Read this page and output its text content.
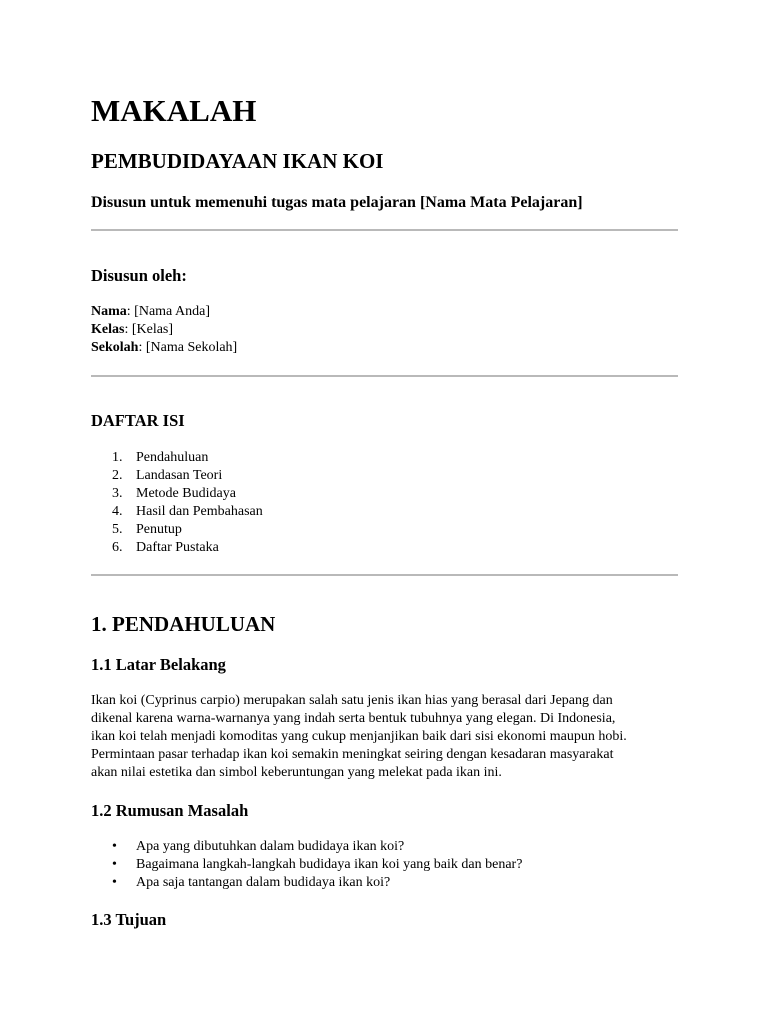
MAKALAH
PEMBUDIDAYAAN IKAN KOI

Disusun untuk memenuhi tugas mata pelajaran [Nama Mata Pelajaran]

Disusun oleh:

Nama: [Nama Anda]
Kelas: [Kelas]
Sekolah: [Nama Sekolah]

DAFTAR ISI

1. Pendahuluan
2. Landasan Teori
3. Metode Budidaya
4. Hasil dan Pembahasan
5. Penutup
6. Daftar Pustaka
1. PENDAHULUAN
1.1 Latar Belakang
Ikan koi (Cyprinus carpio) merupakan salah satu jenis ikan hias yang berasal dari Jepang dan
dikenal karena warna-warnanya yang indah serta bentuk tubuhnya yang elegan. Di Indonesia,
ikan koi telah menjadi komoditas yang cukup menjanjikan baik dari sisi ekonomi maupun hobi.
Permintaan pasar terhadap ikan koi semakin meningkat seiring dengan kesadaran masyarakat
akan nilai estetika dan simbol keberuntungan yang melekat pada ikan ini.
1.2 Rumusan Masalah
• Apa yang dibutuhkan dalam budidaya ikan koi?
• Bagaimana langkah-langkah budidaya ikan koi yang baik dan benar?
• Apa saja tantangan dalam budidaya ikan koi?
1.3 Tujuan
